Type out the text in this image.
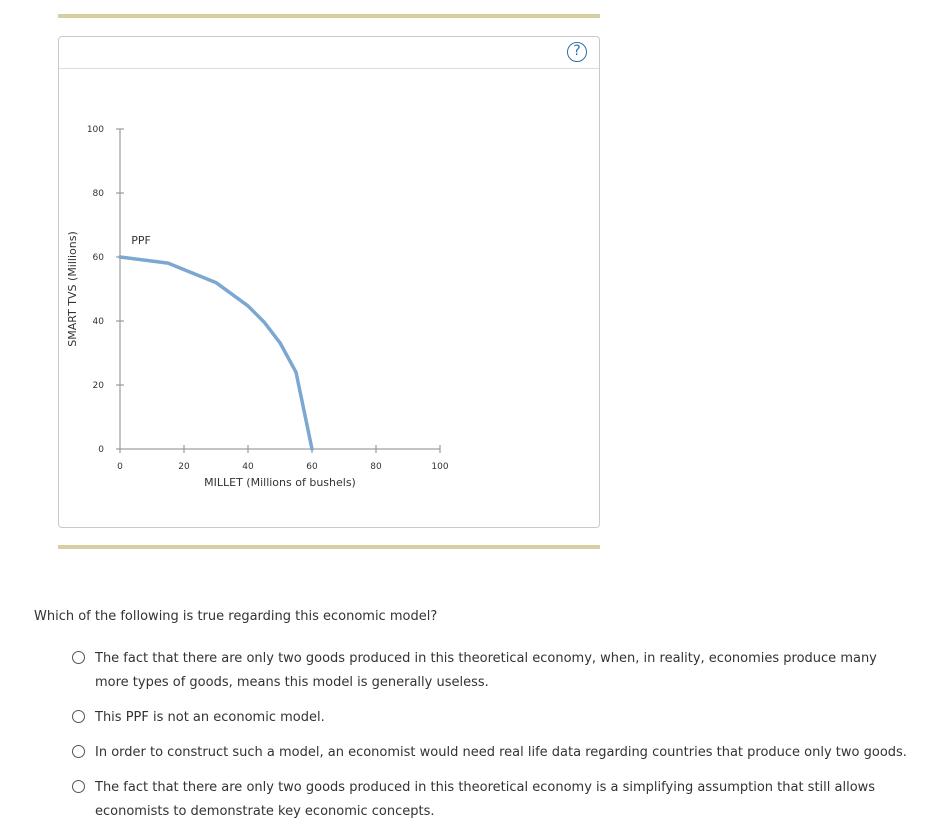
?
0	20	40	60	80	100
0
20
40
60
80
100
MILLET (Millions of bushels)
SMART TVS (Millions)	PPF
Which of the following is true regarding this economic model?
The fact that there are only two goods produced in this theoretical economy, when, in reality, economies produce many more types of goods, means this model is generally useless.
This PPF is not an economic model.
In order to construct such a model, an economist would need real life data regarding countries that produce only two goods.
The fact that there are only two goods produced in this theoretical economy is a simplifying assumption that still allows economists to demonstrate key economic concepts.
